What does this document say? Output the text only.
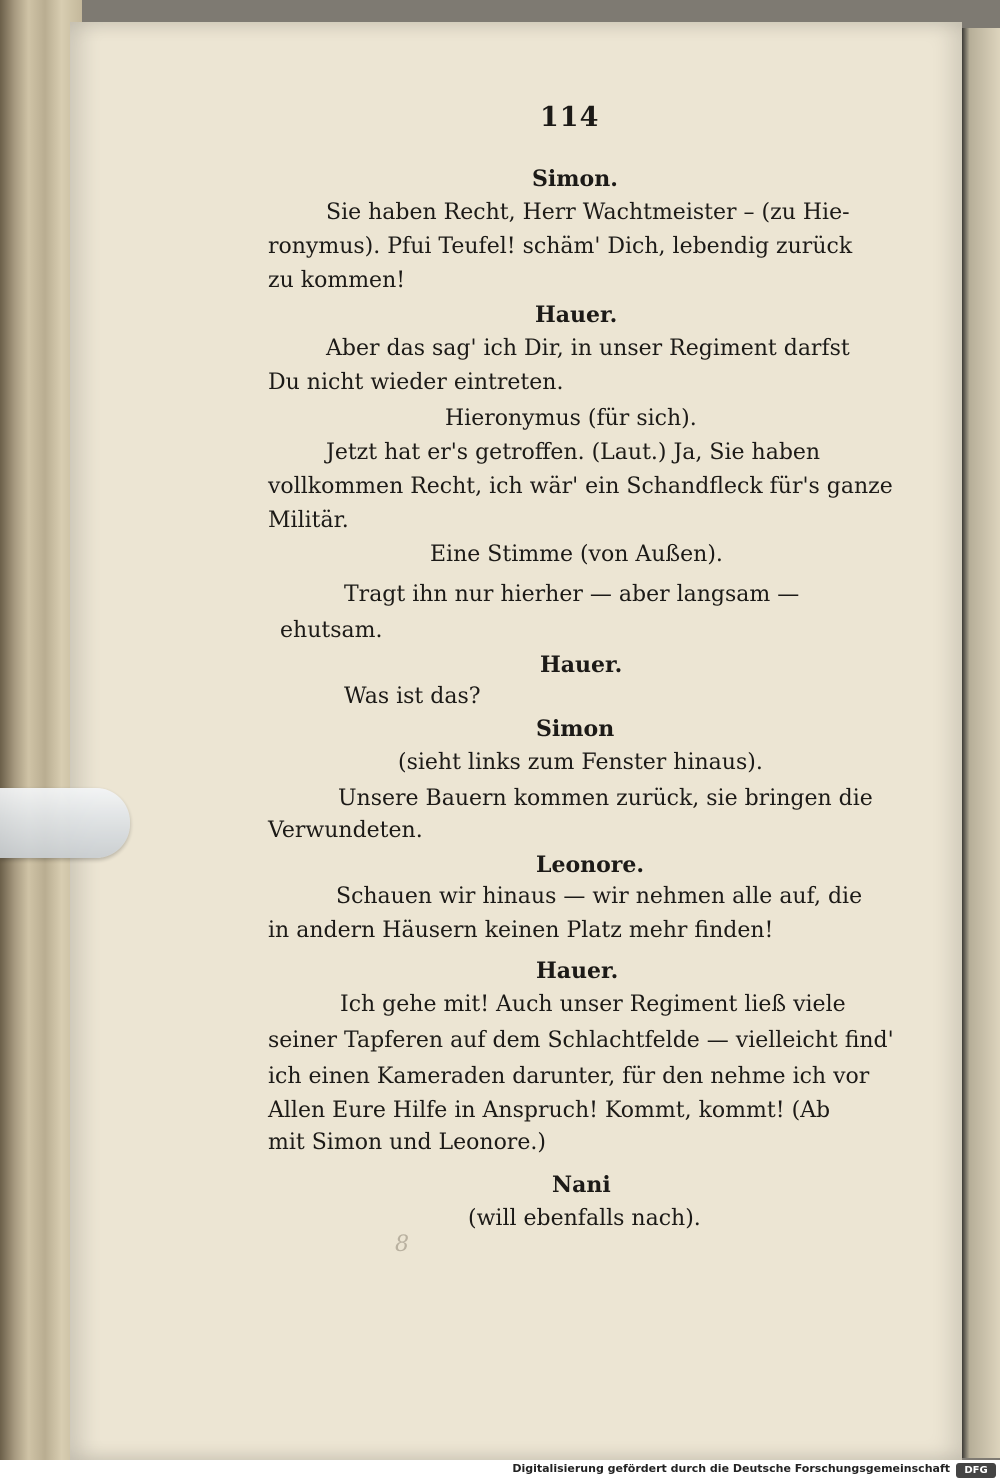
114

Simon.

Sie haben Recht, Herr Wachtmeister – (zu Hie-

ronymus). Pfui Teufel! schäm' Dich, lebendig zurück

zu kommen!

Hauer.

Aber das sag' ich Dir, in unser Regiment darfst

Du nicht wieder eintreten.

Hieronymus (für sich).

Jetzt hat er's getroffen. (Laut.) Ja, Sie haben

vollkommen Recht, ich wär' ein Schandfleck für's ganze

Militär.

Eine Stimme (von Außen).

Tragt ihn nur hierher — aber langsam —

ehutsam.

Hauer.

Was ist das?

Simon

(sieht links zum Fenster hinaus).

Unsere Bauern kommen zurück, sie bringen die

Verwundeten.

Leonore.

Schauen wir hinaus — wir nehmen alle auf, die

in andern Häusern keinen Platz mehr finden!

Hauer.

Ich gehe mit! Auch unser Regiment ließ viele

seiner Tapferen auf dem Schlachtfelde — vielleicht find'

ich einen Kameraden darunter, für den nehme ich vor

Allen Eure Hilfe in Anspruch! Kommt, kommt! (Ab

mit Simon und Leonore.)

Nani

(will ebenfalls nach).

8
Digitalisierung gefördert durch die Deutsche Forschungsgemeinschaft	DFG
